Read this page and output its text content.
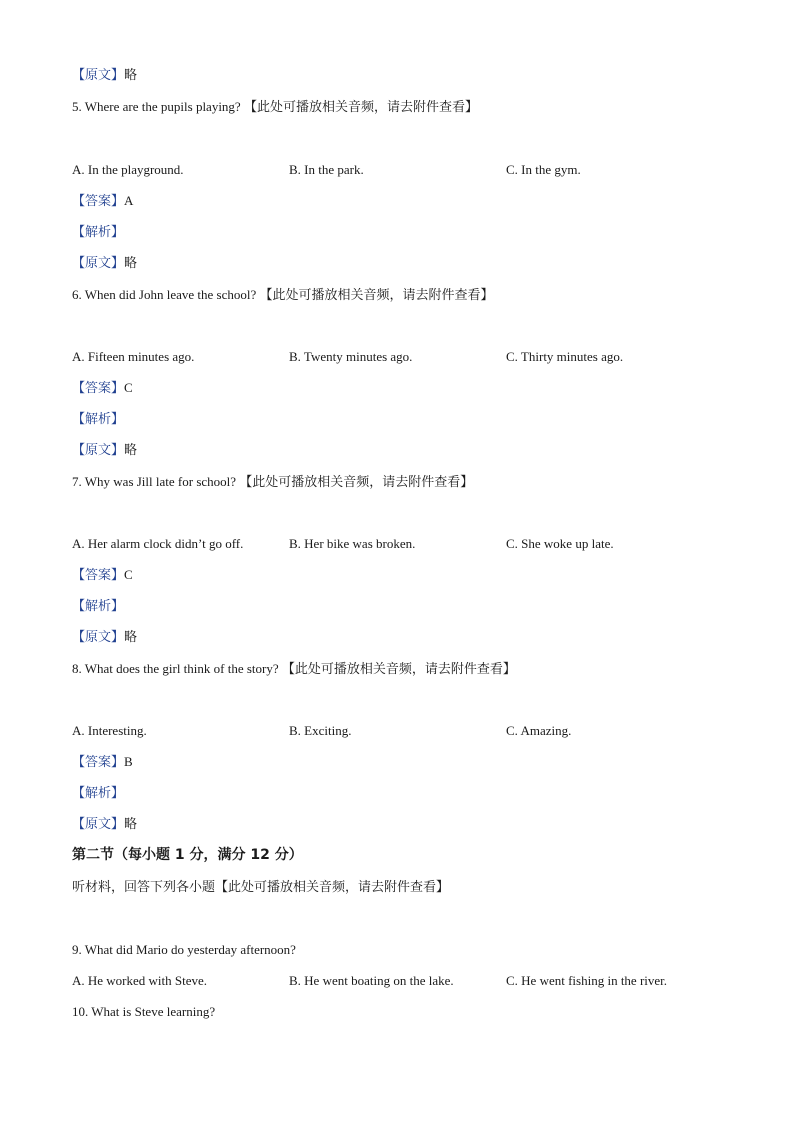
【原文】略
5. Where are the pupils playing? 【此处可播放相关音频，请去附件查看】
A. In the playground.	B. In the park.	C. In the gym.
【答案】A
【解析】
【原文】略
6. When did John leave the school? 【此处可播放相关音频，请去附件查看】
A. Fifteen minutes ago.	B. Twenty minutes ago.	C. Thirty minutes ago.
【答案】C
【解析】
【原文】略
7. Why was Jill late for school? 【此处可播放相关音频，请去附件查看】
A. Her alarm clock didn’t go off.	B. Her bike was broken.	C. She woke up late.
【答案】C
【解析】
【原文】略
8. What does the girl think of the story? 【此处可播放相关音频，请去附件查看】
A. Interesting.	B. Exciting.	C. Amazing.
【答案】B
【解析】
【原文】略
第二节（每小题 1 分，满分 12 分）
听材料，回答下列各小题【此处可播放相关音频，请去附件查看】
9. What did Mario do yesterday afternoon?
A. He worked with Steve.	B. He went boating on the lake.	C. He went fishing in the river.
10. What is Steve learning?
